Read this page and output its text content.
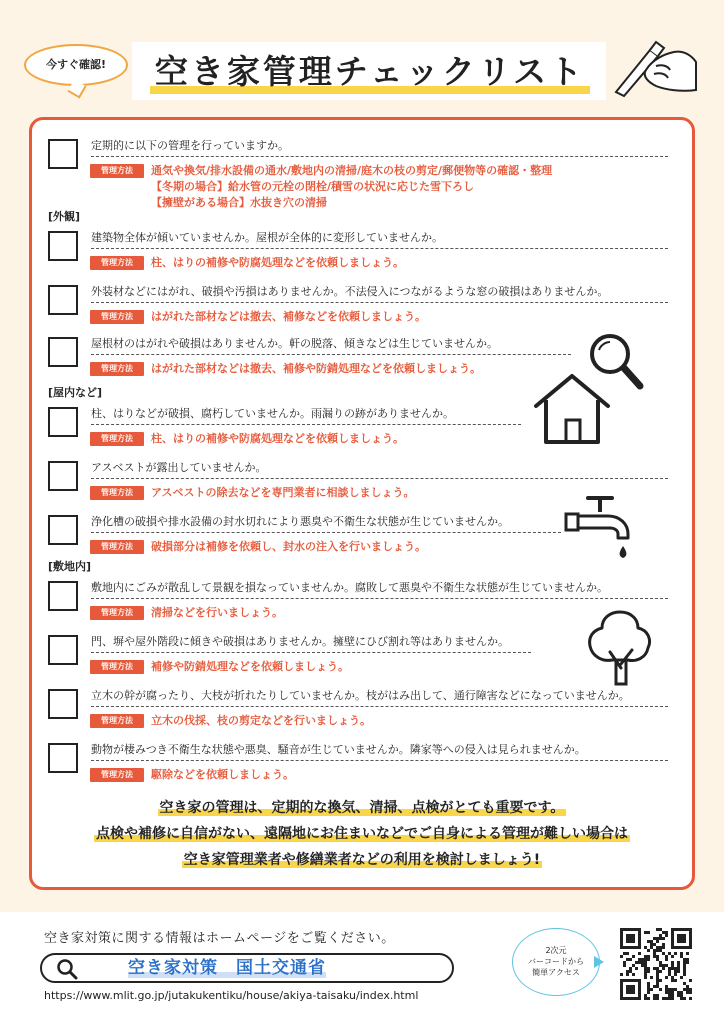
今すぐ確認!	空き家管理チェックリスト
定期的に以下の管理を行っていますか。
管理方法	通気や換気/排水設備の通水/敷地内の清掃/庭木の枝の剪定/郵便物等の確認・整理
【冬期の場合】給水管の元栓の閉栓/積雪の状況に応じた雪下ろし
【擁壁がある場合】水抜き穴の清掃
[外観]
建築物全体が傾いていませんか。屋根が全体的に変形していませんか。
管理方法	柱、はりの補修や防腐処理などを依頼しましょう。
外装材などにはがれ、破損や汚損はありませんか。不法侵入につながるような窓の破損はありませんか。
管理方法	はがれた部材などは撤去、補修などを依頼しましょう。
屋根材のはがれや破損はありませんか。軒の脱落、傾きなどは生じていませんか。
管理方法	はがれた部材などは撤去、補修や防錆処理などを依頼しましょう。
[屋内など]
柱、はりなどが破損、腐朽していませんか。雨漏りの跡がありませんか。
管理方法	柱、はりの補修や防腐処理などを依頼しましょう。
アスベストが露出していませんか。
管理方法	アスベストの除去などを専門業者に相談しましょう。
浄化槽の破損や排水設備の封水切れにより悪臭や不衛生な状態が生じていませんか。
管理方法	破損部分は補修を依頼し、封水の注入を行いましょう。
[敷地内]
敷地内にごみが散乱して景観を損なっていませんか。腐敗して悪臭や不衛生な状態が生じていませんか。
管理方法	清掃などを行いましょう。
門、塀や屋外階段に傾きや破損はありませんか。擁壁にひび割れ等はありませんか。
管理方法	補修や防錆処理などを依頼しましょう。
立木の幹が腐ったり、大枝が折れたりしていませんか。枝がはみ出して、通行障害などになっていませんか。
管理方法	立木の伐採、枝の剪定などを行いましょう。
動物が棲みつき不衛生な状態や悪臭、騒音が生じていませんか。隣家等への侵入は見られませんか。
管理方法	駆除などを依頼しましょう。
空き家の管理は、定期的な換気、清掃、点検がとても重要です。
点検や補修に自信がない、遠隔地にお住まいなどでご自身による管理が難しい場合は
空き家管理業者や修繕業者などの利用を検討しましょう!
空き家対策に関する情報はホームページをご覧ください。
空き家対策　国土交通省
https://www.mlit.go.jp/jutakukentiku/house/akiya-taisaku/index.html
2次元
バーコードから
簡単アクセス
